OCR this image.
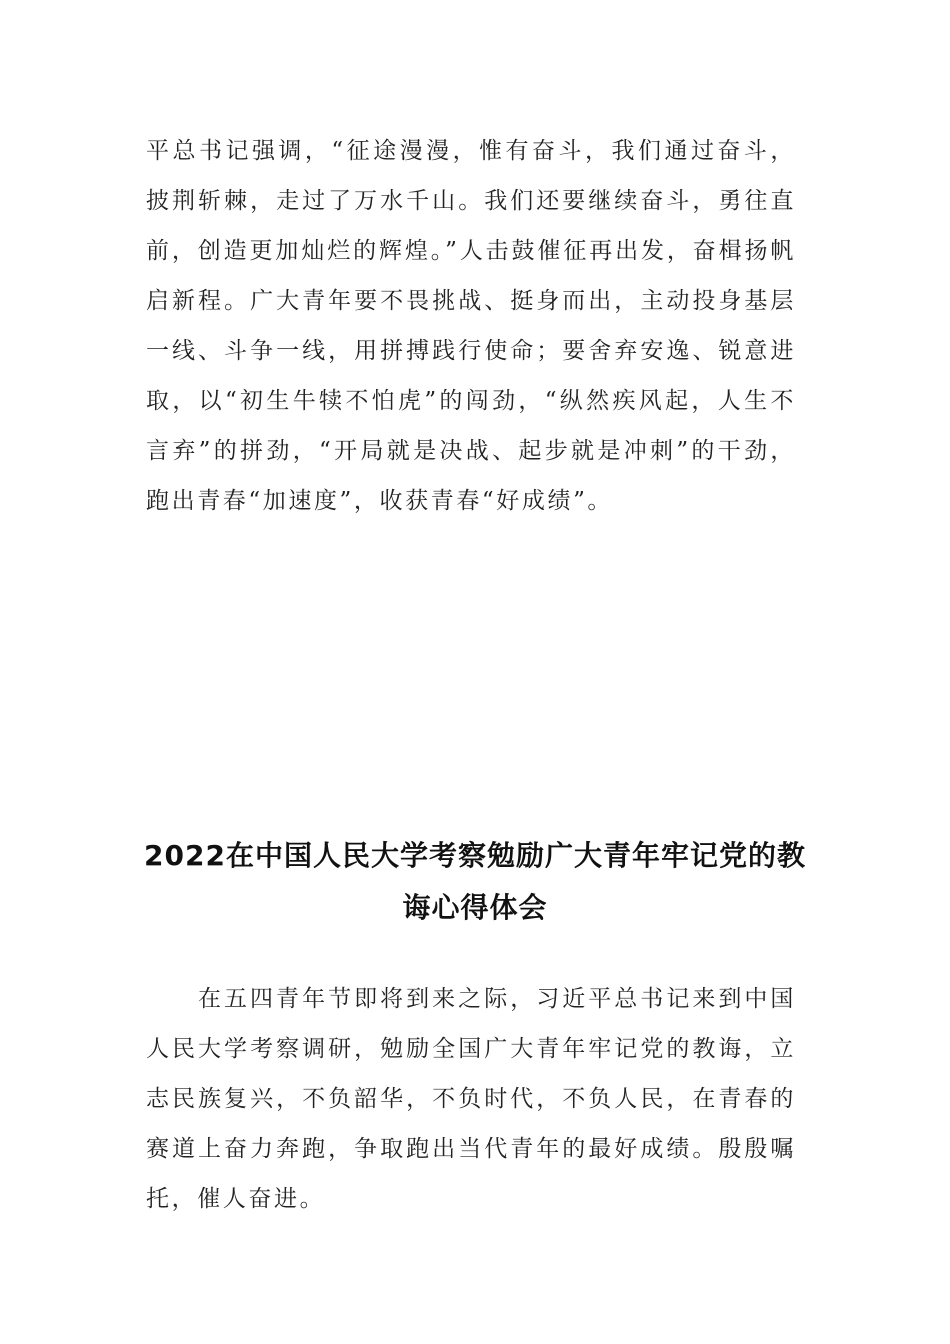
平总书记强调，“征途漫漫，惟有奋斗，我们通过奋斗，披荆斩棘，走过了万水千山。我们还要继续奋斗，勇往直前，创造更加灿烂的辉煌。”人击鼓催征再出发，奋楫扬帆启新程。广大青年要不畏挑战、挺身而出，主动投身基层一线、斗争一线，用拼搏践行使命；要舍弃安逸、锐意进取，以“初生牛犊不怕虎”的闯劲，“纵然疾风起，人生不言弃”的拼劲，“开局就是决战、起步就是冲刺”的干劲，跑出青春“加速度”，收获青春“好成绩”。

2022在中国人民大学考察勉励广大青年牢记党的教诲心得体会

在五四青年节即将到来之际，习近平总书记来到中国人民大学考察调研，勉励全国广大青年牢记党的教诲，立志民族复兴，不负韶华，不负时代，不负人民，在青春的赛道上奋力奔跑，争取跑出当代青年的最好成绩。殷殷嘱托，催人奋进。
